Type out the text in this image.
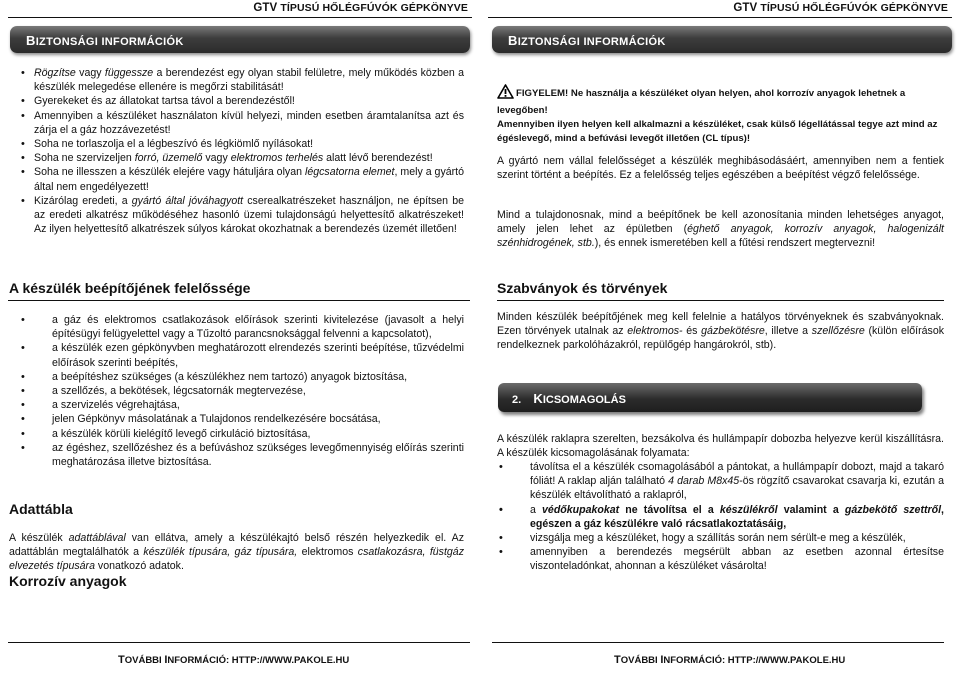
GTV TÍPUSÚ HŐLÉGFÚVÓK GÉPKÖNYVE
BIZTONSÁGI INFORMÁCIÓK
• Rögzítse vagy függessze a berendezést egy olyan stabil felületre, mely működés közben a készülék melegedése ellenére is megőrzi stabilitását!
• Gyerekeket és az állatokat tartsa távol a berendezéstől!
• Amennyiben a készüléket használaton kívül helyezi, minden esetben áramtalanítsa azt és zárja el a gáz hozzávezetést!
• Soha ne torlaszolja el a légbeszívó és légkiömlő nyílásokat!
• Soha ne szervizeljen forró, üzemelő vagy elektromos terhelés alatt lévő berendezést!
• Soha ne illesszen a készülék elejére vagy hátuljára olyan légcsatorna elemet, mely a gyártó által nem engedélyezett!
• Kizárólag eredeti, a gyártó által jóváhagyott cserealkatrészeket használjon, ne építsen be az eredeti alkatrész működéséhez hasonló üzemi tulajdonságú helyettesítő alkatrészeket! Az ilyen helyettesítő alkatrészek súlyos károkat okozhatnak a berendezés üzemét illetően!
A készülék beépítőjének felelőssége
• a gáz és elektromos csatlakozások előírások szerinti kivitelezése (javasolt a helyi építésügyi felügyelettel vagy a Tűzoltó parancsnoksággal felvenni a kapcsolatot),
• a készülék ezen gépkönyvben meghatározott elrendezés szerinti beépítése, tűzvédelmi előírások szerinti beépítés,
• a beépítéshez szükséges (a készülékhez nem tartozó) anyagok biztosítása,
• a szellőzés, a bekötések, légcsatornák megtervezése,
• a szervizelés végrehajtása,
• jelen Gépkönyv másolatának a Tulajdonos rendelkezésére bocsátása,
• a készülék körüli kielégítő levegő cirkuláció biztosítása,
• az égéshez, szellőzéshez és a befúváshoz szükséges levegőmennyiség előírás szerinti meghatározása illetve biztosítása.
Adattábla
A készülék adattáblával van ellátva, amely a készülékajtó belső részén helyezkedik el. Az adattáblán megtalálhatók a készülék típusára, gáz típusára, elektromos csatlakozásra, füstgáz elvezetés típusára vonatkozó adatok.
Korrozív anyagok
TOVÁBBI INFORMÁCIÓ: HTTP://WWW.PAKOLE.HU
GTV TÍPUSÚ HŐLÉGFÚVÓK GÉPKÖNYVE
BIZTONSÁGI INFORMÁCIÓK
FIGYELEM! Ne használja a készüléket olyan helyen, ahol korrozív anyagok lehetnek a levegőben!
Amennyiben ilyen helyen kell alkalmazni a készüléket, csak külső légellátással tegye azt mind az égéslevegő, mind a befúvási levegőt illetően (CL típus)!
A gyártó nem vállal felelősséget a készülék meghibásodásáért, amennyiben nem a fentiek szerint történt a beépítés. Ez a felelősség teljes egészében a beépítést végző felelőssége.
Mind a tulajdonosnak, mind a beépítőnek be kell azonosítania minden lehetséges anyagot, amely jelen lehet az épületben (éghető anyagok, korrozív anyagok, halogenizált szénhidrogének, stb.), és ennek ismeretében kell a fűtési rendszert megtervezni!
Szabványok és törvények
Minden készülék beépítőjének meg kell felelnie a hatályos törvényeknek és szabványoknak. Ezen törvények utalnak az elektromos- és gázbekötésre, illetve a szellőzésre (külön előírások rendelkeznek parkolóházakról, repülőgép hangárokról, stb).
2. KICSOMAGOLÁS
A készülék raklapra szerelten, bezsákolva és hullámpapír dobozba helyezve kerül kiszállításra. A készülék kicsomagolásának folyamata:
• távolítsa el a készülék csomagolásából a pántokat, a hullámpapír dobozt, majd a takaró fóliát! A raklap alján található 4 darab M8x45-ös rögzítő csavarokat csavarja ki, ezután a készülék eltávolítható a raklapról,
• a védőkupakokat ne távolítsa el a készülékről valamint a gázbekötő szettről, egészen a gáz készülékre való rácsatlakoztatásáig,
• vizsgálja meg a készüléket, hogy a szállítás során nem sérült-e meg a készülék,
• amennyiben a berendezés megsérült abban az esetben azonnal értesítse viszonteladónkat, ahonnan a készüléket vásárolta!
TOVÁBBI INFORMÁCIÓ: HTTP://WWW.PAKOLE.HU
